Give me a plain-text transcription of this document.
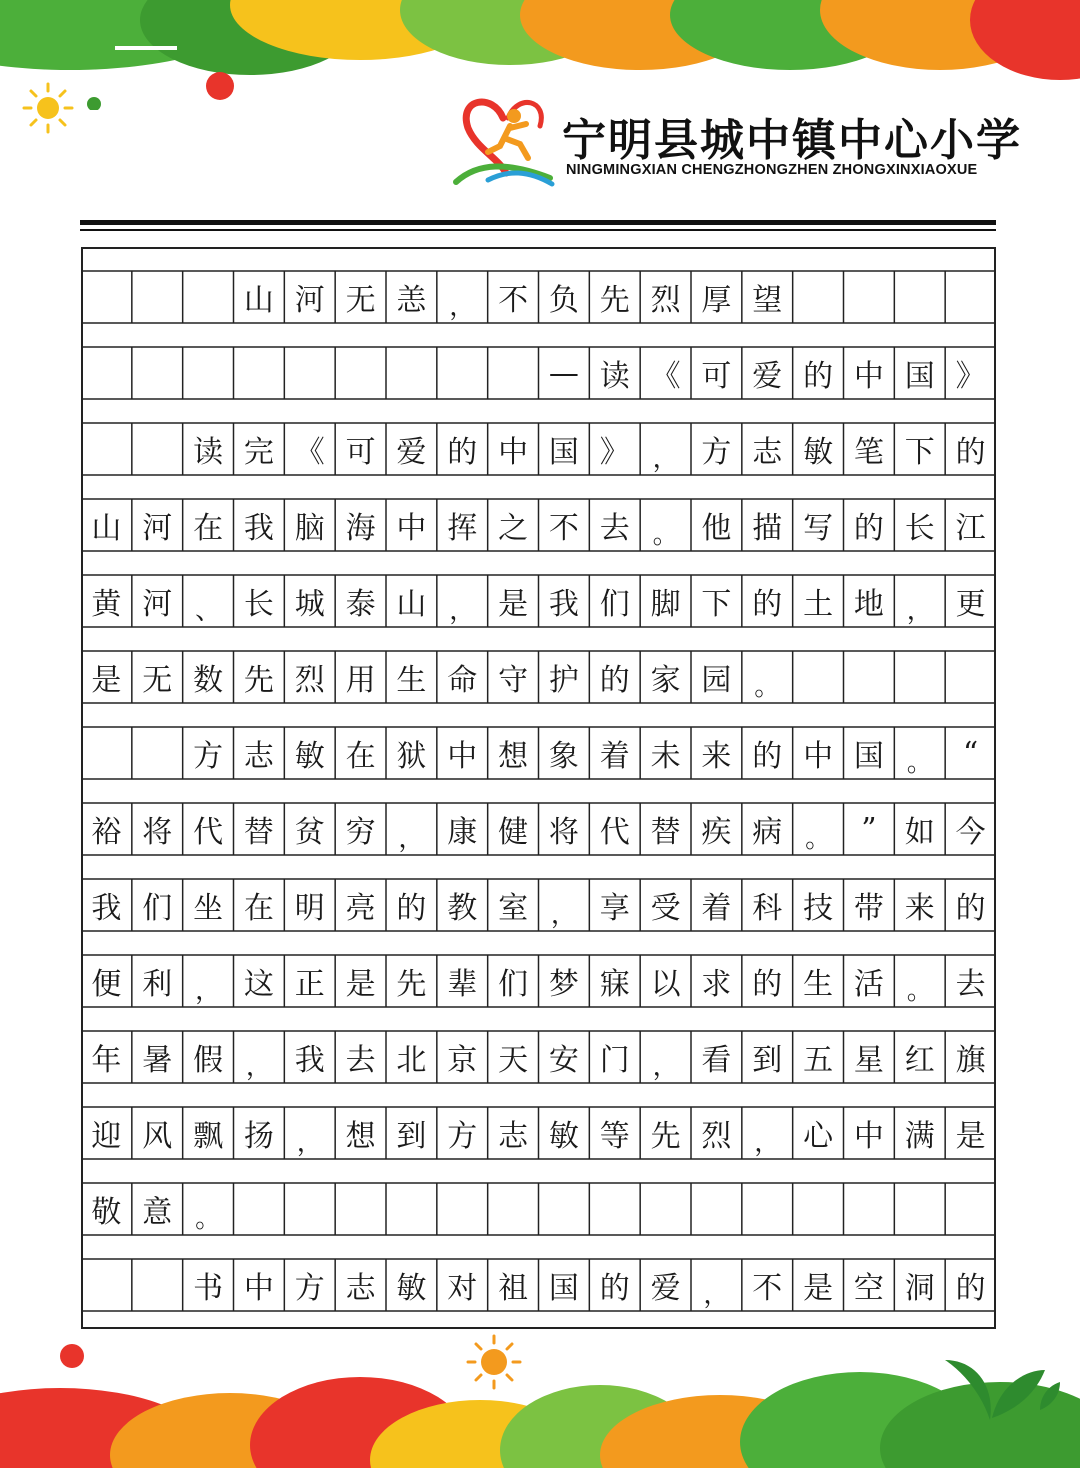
宁明县城中镇中心小学
NINGMINGXIAN CHENGZHONGZHEN ZHONGXINXIAOXUE
山 河 无 恙 ， 不 负 先 烈 厚 望
— 读 《 可 爱 的 中 国 》
读 完 《 可 爱 的 中 国 》 ， 方 志 敏 笔 下 的
山 河 在 我 脑 海 中 挥 之 不 去 。 他 描 写 的 长 江
黄 河 、 长 城 泰 山 ， 是 我 们 脚 下 的 土 地 ， 更
是 无 数 先 烈 用 生 命 守 护 的 家 园 。
方 志 敏 在 狱 中 想 象 着 未 来 的 中 国 。	“
裕 将 代 替 贫 穷 ， 康 健 将 代 替 疾 病 。	” 如 今
我 们 坐 在 明 亮 的 教 室 ， 享 受 着 科 技 带 来 的
便 利 ， 这 正 是 先 辈 们 梦 寐 以 求 的 生 活 。 去
年 暑 假 ， 我 去 北 京 天 安 门 ， 看 到 五 星 红 旗
迎 风 飘 扬 ， 想 到 方 志 敏 等 先 烈 ， 心 中 满 是
敬 意 。
书 中 方 志 敏 对 祖 国 的 爱 ， 不 是 空 洞 的
